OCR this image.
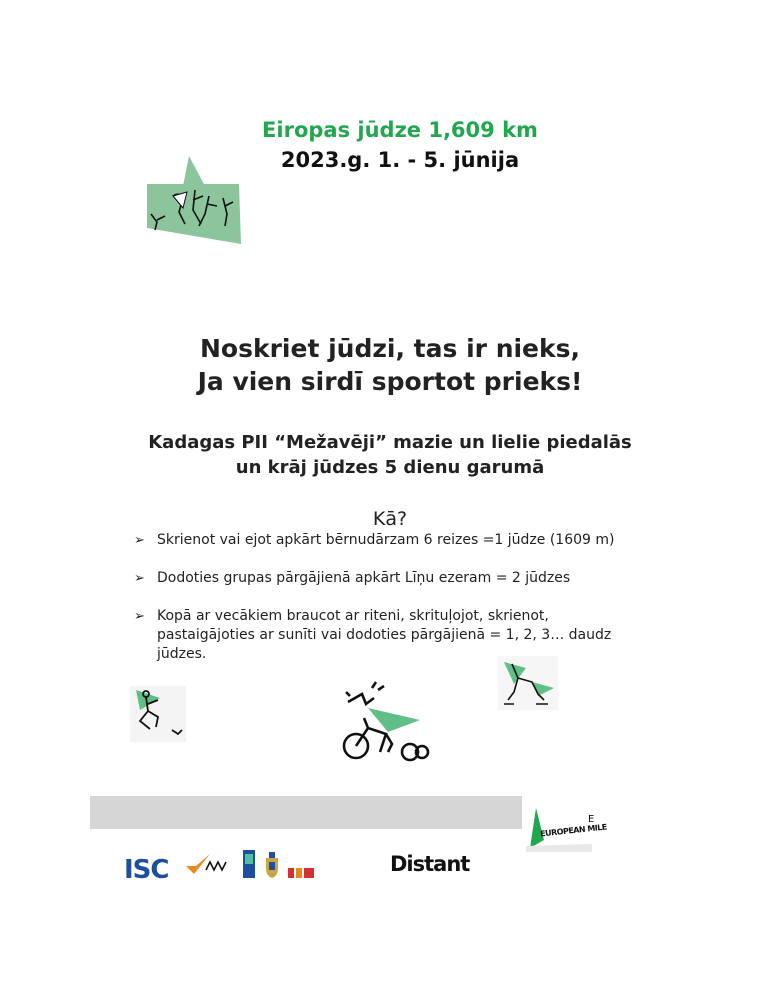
Eiropas jūdze 1,609 km
2023.g. 1. - 5. jūnija
Noskriet jūdzi, tas ir nieks,
Ja vien sirdī sportot prieks!
Kadagas PII “Mežavēji” mazie un lielie piedalās
un krāj jūdzes 5 dienu garumā
Kā?
➢ Skrienot vai ejot apkārt bērnudārzam 6 reizes =1 jūdze (1609 m)
➢ Dodoties grupas pārgājienā apkārt Līņu ezeram = 2 jūdzes
➢ Kopā ar vecākiem braucot ar riteni, skrituļojot, skrienot, pastaigājoties ar sunīti vai dodoties pārgājienā = 1, 2, 3… daudz jūdzes.
EUROPEAN MILE
E
ISC	Distant
